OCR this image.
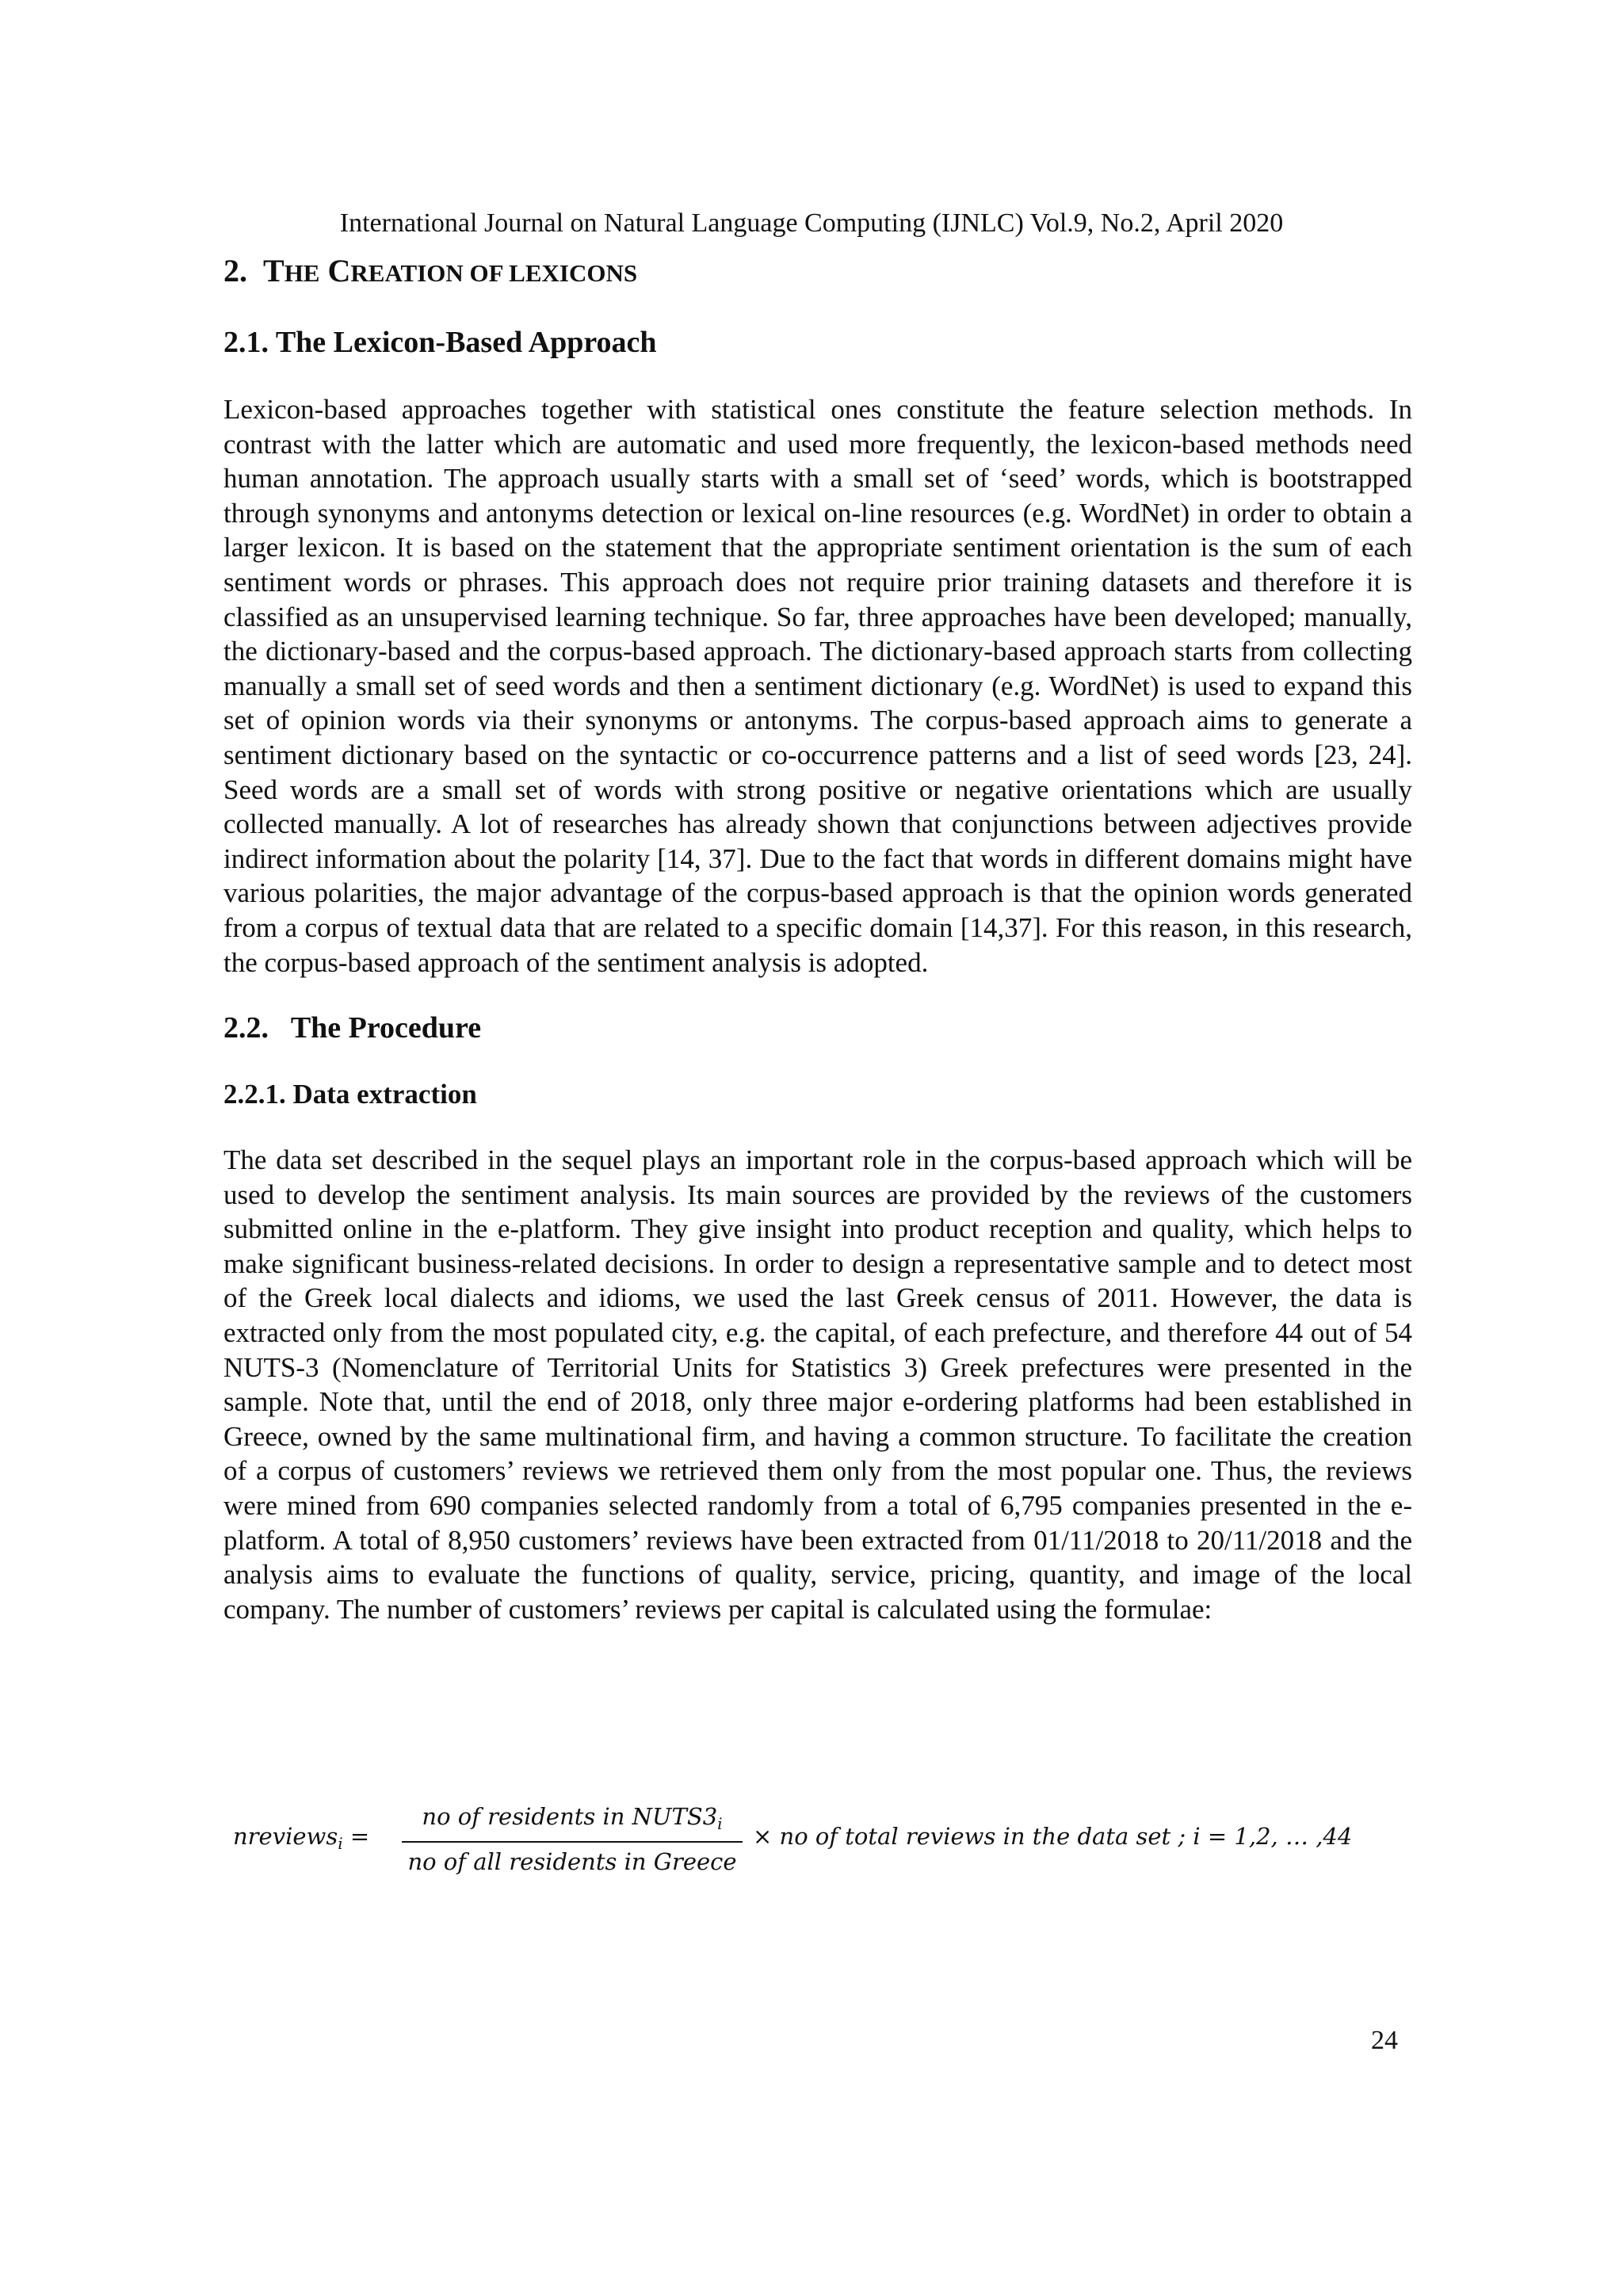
International Journal on Natural Language Computing (IJNLC) Vol.9, No.2, April 2020
2. THE CREATION OF LEXICONS
2.1. The Lexicon-Based Approach

Lexicon-based approaches together with statistical ones constitute the feature selection methods. In contrast with the latter which are automatic and used more frequently, the lexicon-based methods need human annotation. The approach usually starts with a small set of ‘seed’ words, which is bootstrapped through synonyms and antonyms detection or lexical on-line resources (e.g. WordNet) in order to obtain a larger lexicon. It is based on the statement that the appropriate sentiment orientation is the sum of each sentiment words or phrases. This approach does not require prior training datasets and therefore it is classified as an unsupervised learning technique. So far, three approaches have been developed; manually, the dictionary-based and the corpus-based approach. The dictionary-based approach starts from collecting manually a small set of seed words and then a sentiment dictionary (e.g. WordNet) is used to expand this set of opinion words via their synonyms or antonyms. The corpus-based approach aims to generate a sentiment dictionary based on the syntactic or co-occurrence patterns and a list of seed words [23, 24]. Seed words are a small set of words with strong positive or negative orientations which are usually collected manually. A lot of researches has already shown that conjunctions between adjectives provide indirect information about the polarity [14, 37]. Due to the fact that words in different domains might have various polarities, the major advantage of the corpus-based approach is that the opinion words generated from a corpus of textual data that are related to a specific domain [14,37]. For this reason, in this research, the corpus-based approach of the sentiment analysis is adopted.

2.2.   The Procedure
2.2.1. Data extraction

The data set described in the sequel plays an important role in the corpus-based approach which will be used to develop the sentiment analysis. Its main sources are provided by the reviews of the customers submitted online in the e-platform. They give insight into product reception and quality, which helps to make significant business-related decisions. In order to design a representative sample and to detect most of the Greek local dialects and idioms, we used the last Greek census of 2011. However, the data is extracted only from the most populated city, e.g. the capital, of each prefecture, and therefore 44 out of 54 NUTS-3 (Nomenclature of Territorial Units for Statistics 3) Greek prefectures were presented in the sample. Note that, until the end of 2018, only three major e-ordering platforms had been established in Greece, owned by the same multinational firm, and having a common structure. To facilitate the creation of a corpus of customers’ reviews we retrieved them only from the most popular one. Thus, the reviews were mined from 690 companies selected randomly from a total of 6,795 companies presented in the e-platform. A total of 8,950 customers’ reviews have been extracted from 01/11/2018 to 20/11/2018 and the analysis aims to evaluate the functions of quality, service, pricing, quantity, and image of the local company. The number of customers’ reviews per capital is calculated using the formulae:

nreviews$_i$ =
no of residents in $NUTS3_i$
no of all residents in Greece
× no of total reviews in the data set ; i = 1,2, … ,44
24
